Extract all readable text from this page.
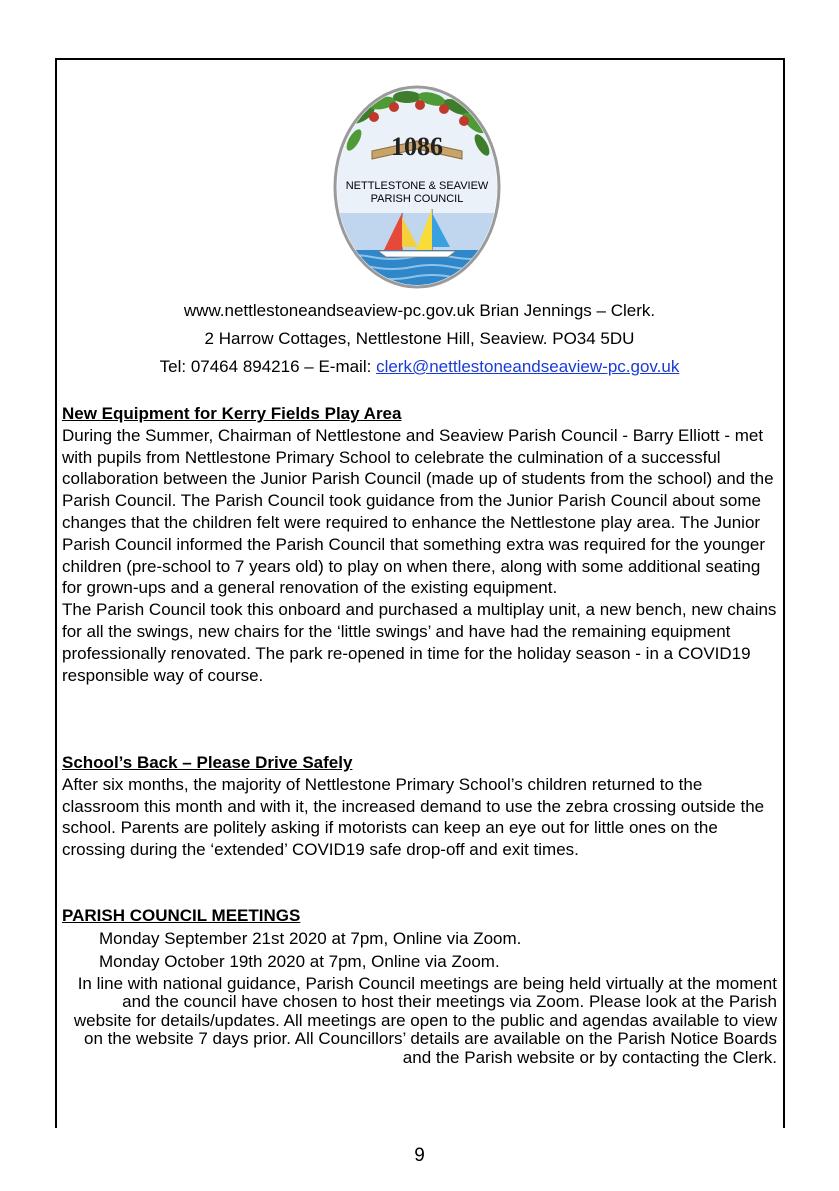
1086
NETTLESTONE & SEAVIEW
PARISH COUNCIL
www.nettlestoneandseaview-pc.gov.uk Brian Jennings – Clerk.
2 Harrow Cottages, Nettlestone Hill, Seaview. PO34 5DU
Tel: 07464 894216 – E-mail: clerk@nettlestoneandseaview-pc.gov.uk
New Equipment for Kerry Fields Play Area

During the Summer, Chairman of Nettlestone and Seaview Parish Council - Barry Elliott - met with pupils from Nettlestone Primary School to celebrate the culmination of a successful collaboration between the Junior Parish Council (made up of students from the school) and the Parish Council. The Parish Council took guidance from the Junior Parish Council about some changes that the children felt were required to enhance the Nettlestone play area. The Junior Parish Council informed the Parish Council that something extra was required for the younger children (pre-school to 7 years old) to play on when there, along with some additional seating for grown-ups and a general renovation of the existing equipment.

The Parish Council took this onboard and purchased a multiplay unit, a new bench, new chains for all the swings, new chairs for the ‘little swings’ and have had the remaining equipment professionally renovated. The park re-opened in time for the holiday season - in a COVID19 responsible way of course.

School’s Back – Please Drive Safely

After six months, the majority of Nettlestone Primary School’s children returned to the classroom this month and with it, the increased demand to use the zebra crossing outside the school. Parents are politely asking if motorists can keep an eye out for little ones on the crossing during the ‘extended’ COVID19 safe drop-off and exit times.

PARISH COUNCIL MEETINGS
Monday September 21st 2020 at 7pm, Online via Zoom.
Monday October 19th 2020 at 7pm, Online via Zoom.
In line with national guidance, Parish Council meetings are being held virtually at the moment and the council have chosen to host their meetings via Zoom. Please look at the Parish website for details/updates. All meetings are open to the public and agendas available to view on the website 7 days prior. All Councillors’ details are available on the Parish Notice Boards and the Parish website or by contacting the Clerk.
9
